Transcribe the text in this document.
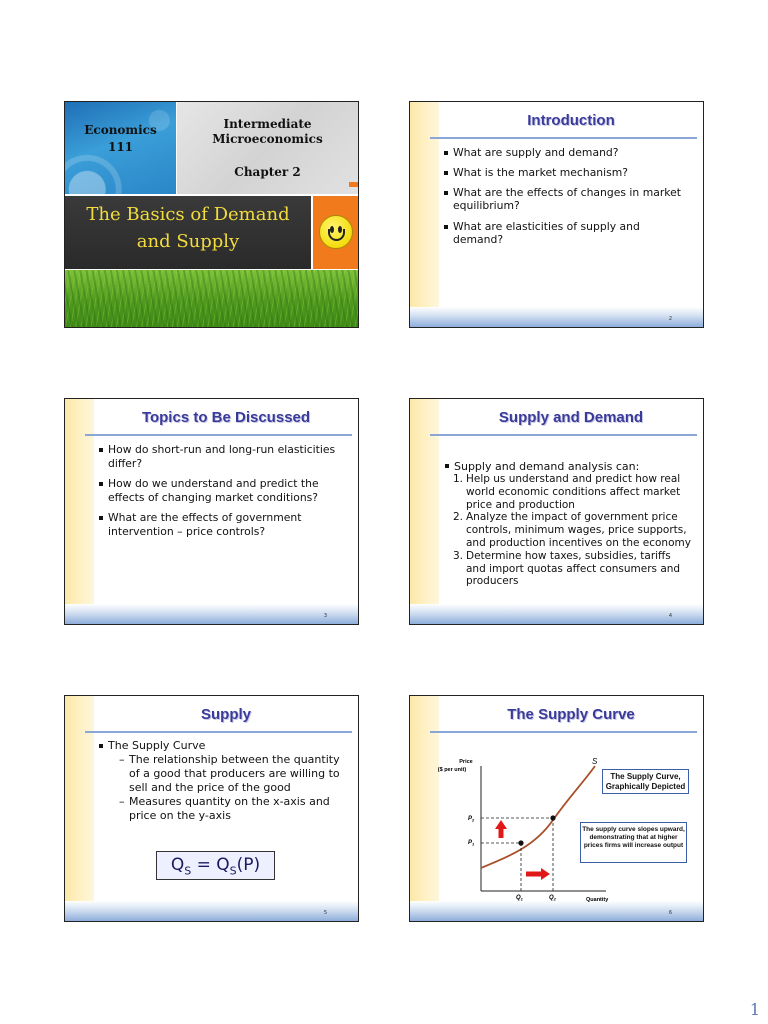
Economics
111
Intermediate
Microeconomics
Chapter 2
The Basics of Demand
and Supply
Introduction
What are supply and demand?
What is the market mechanism?
What are the effects of changes in market equilibrium?
What are elasticities of supply and demand?
2
Topics to Be Discussed
How do short-run and long-run elasticities differ?
How do we understand and predict the effects of changing market conditions?
What are the effects of government intervention – price controls?
3
Supply and Demand
Supply and demand analysis can:
1. Help us understand and predict how real world economic conditions affect market price and production
2. Analyze the impact of government price controls, minimum wages, price supports, and production incentives on the economy
3. Determine how taxes, subsidies, tariffs and import quotas affect consumers and producers
4
Supply
The Supply Curve
– The relationship between the quantity of a good that producers are willing to sell and the price of the good
– Measures quantity on the x-axis and price on the y-axis
$Q_S = Q_S(P)$
5
The Supply Curve
Price
($ per unit)
Quantity
S
$P_2$
$P_1$
$Q_1$	$Q_2$
The Supply Curve, Graphically Depicted
The supply curve slopes upward, demonstrating that at higher prices firms will increase output
6
1
